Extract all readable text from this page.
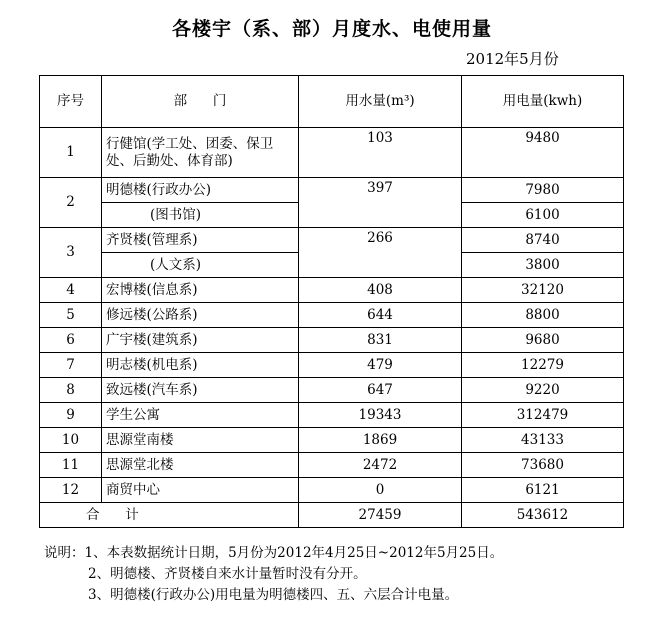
各楼宇（系、部）月度水、电使用量
2012年5月份
序号	部      门	用水量(m³)	用电量(kwh)
1	行健馆(学工处、团委、保卫处、后勤处、体育部)	103	9480
2	明德楼(行政办公)	397	7980
	(图书馆)		6100
3	齐贤楼(管理系)	266	8740
	(人文系)		3800
4	宏博楼(信息系)	408	32120
5	修远楼(公路系)	644	8800
6	广宇楼(建筑系)	831	9680
7	明志楼(机电系)	479	12279
8	致远楼(汽车系)	647	9220
9	学生公寓	19343	312479
10	思源堂南楼	1869	43133
11	思源堂北楼	2472	73680
12	商贸中心	0	6121
合      计		27459	543612
说明：1、本表数据统计日期，5月份为2012年4月25日~2012年5月25日。
2、明德楼、齐贤楼自来水计量暂时没有分开。
3、明德楼(行政办公)用电量为明德楼四、五、六层合计电量。
